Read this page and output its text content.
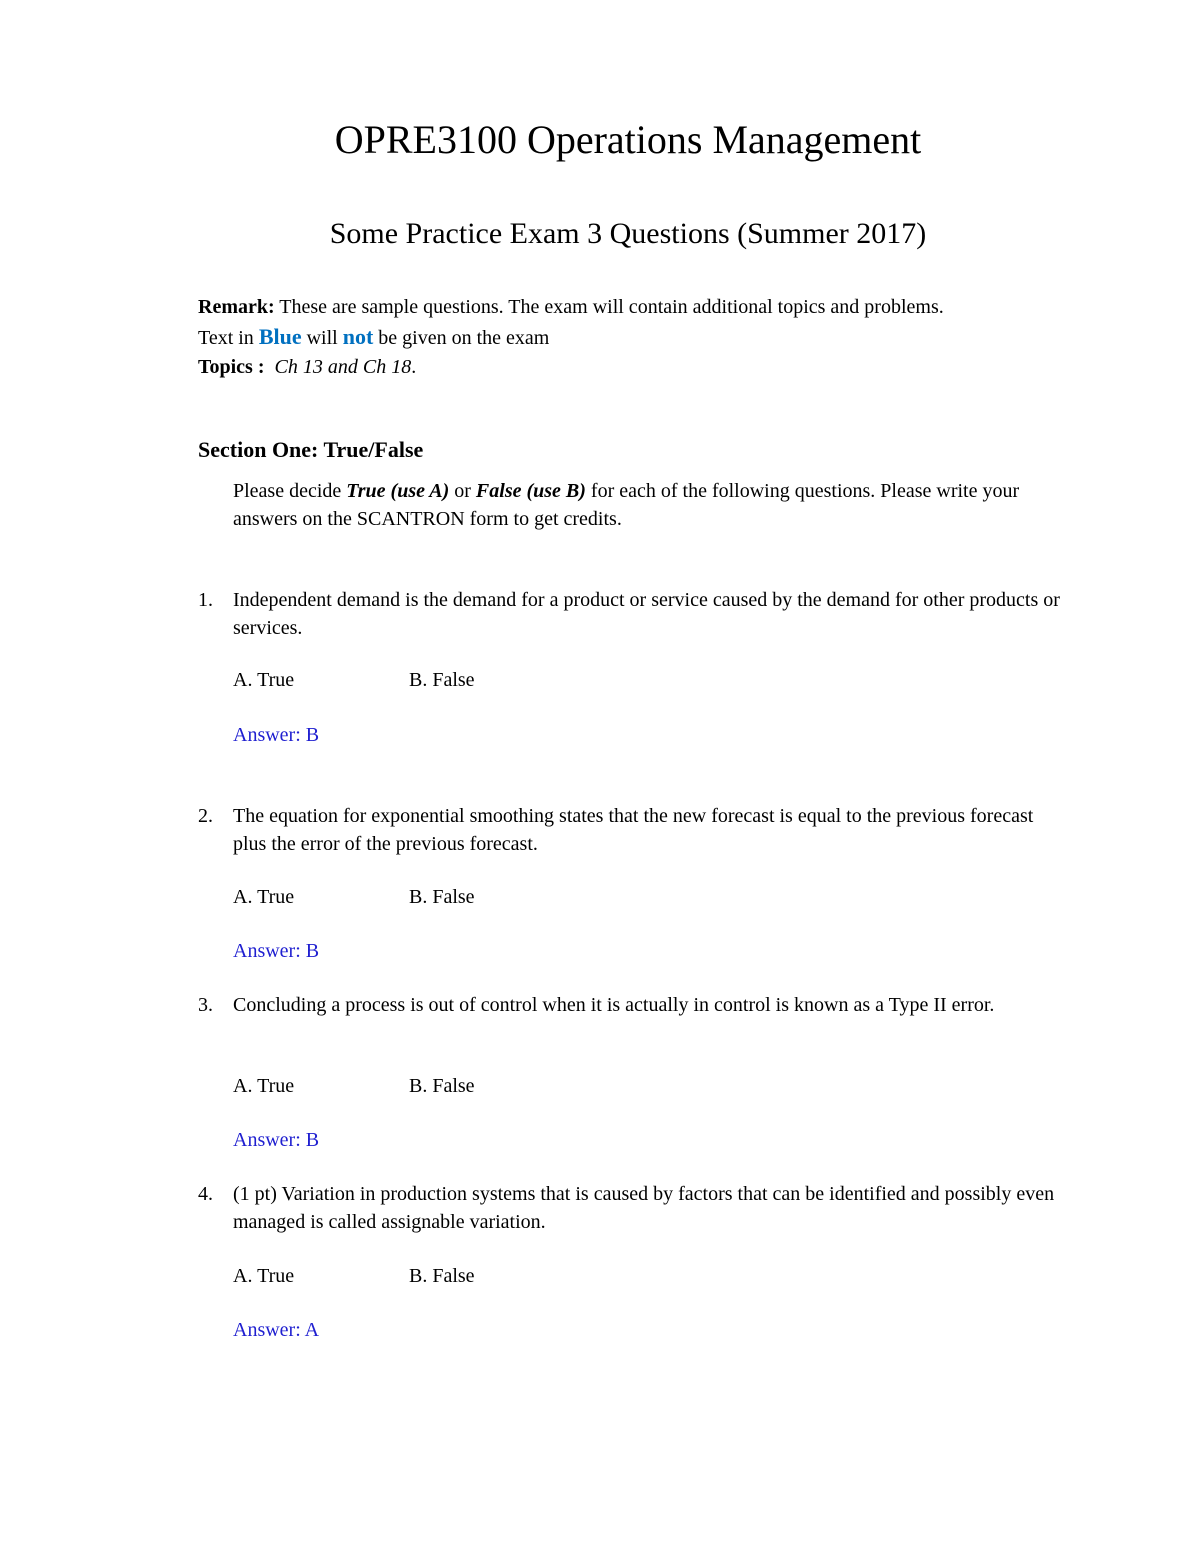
OPRE3100 Operations Management
Some Practice Exam 3 Questions (Summer 2017)
Remark: These are sample questions. The exam will contain additional topics and problems.
Text in Blue will not be given on the exam
Topics : Ch 13 and Ch 18.
Section One: True/False
Please decide True (use A) or False (use B) for each of the following questions. Please write your answers on the SCANTRON form to get credits.
1.	Independent demand is the demand for a product or service caused by the demand for other products or services.
A. True	B. False
Answer: B
2.	The equation for exponential smoothing states that the new forecast is equal to the previous forecast plus the error of the previous forecast.
A. True	B. False
Answer: B
3.	Concluding a process is out of control when it is actually in control is known as a Type II error.
A. True	B. False
Answer: B
4.	(1 pt) Variation in production systems that is caused by factors that can be identified and possibly even managed is called assignable variation.
A. True	B. False
Answer: A
